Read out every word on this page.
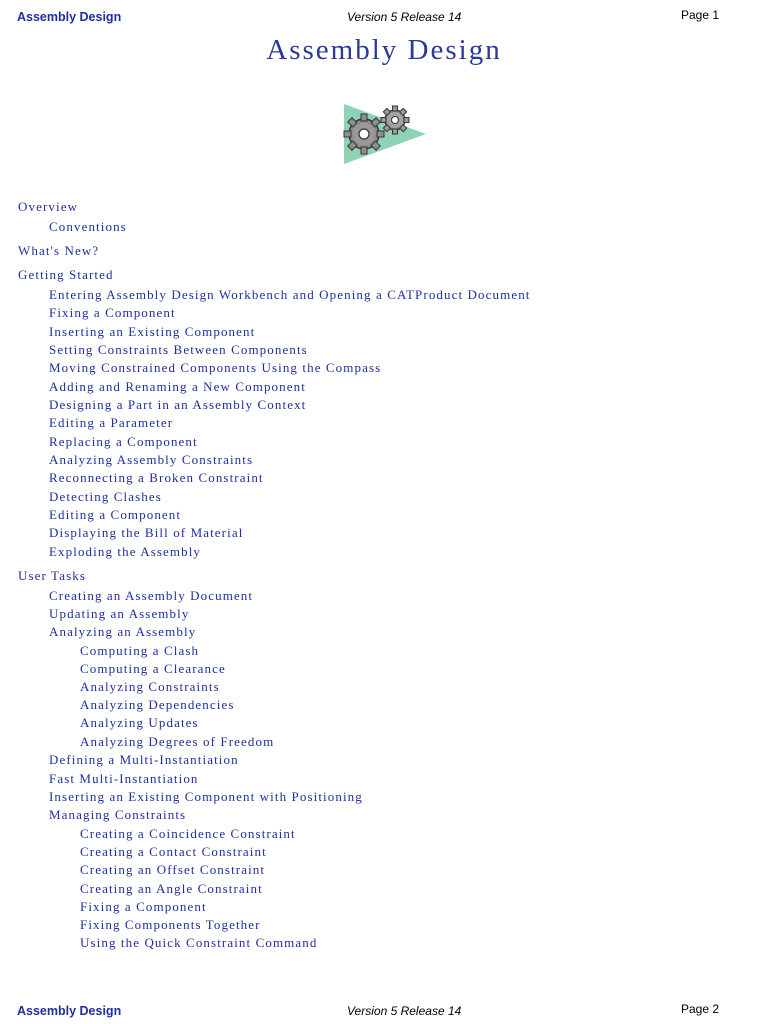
Assembly Design	Version 5 Release 14	Page 1
Assembly Design
Overview
Conventions
What's New?
Getting Started
Entering Assembly Design Workbench and Opening a CATProduct Document
Fixing a Component
Inserting an Existing Component
Setting Constraints Between Components
Moving Constrained Components Using the Compass
Adding and Renaming a New Component
Designing a Part in an Assembly Context
Editing a Parameter
Replacing a Component
Analyzing Assembly Constraints
Reconnecting a Broken Constraint
Detecting Clashes
Editing a Component
Displaying the Bill of Material
Exploding the Assembly
User Tasks
Creating an Assembly Document
Updating an Assembly
Analyzing an Assembly
Computing a Clash
Computing a Clearance
Analyzing Constraints
Analyzing Dependencies
Analyzing Updates
Analyzing Degrees of Freedom
Defining a Multi-Instantiation
Fast Multi-Instantiation
Inserting an Existing Component with Positioning
Managing Constraints
Creating a Coincidence Constraint
Creating a Contact Constraint
Creating an Offset Constraint
Creating an Angle Constraint
Fixing a Component
Fixing Components Together
Using the Quick Constraint Command
Assembly Design	Version 5 Release 14	Page 2
